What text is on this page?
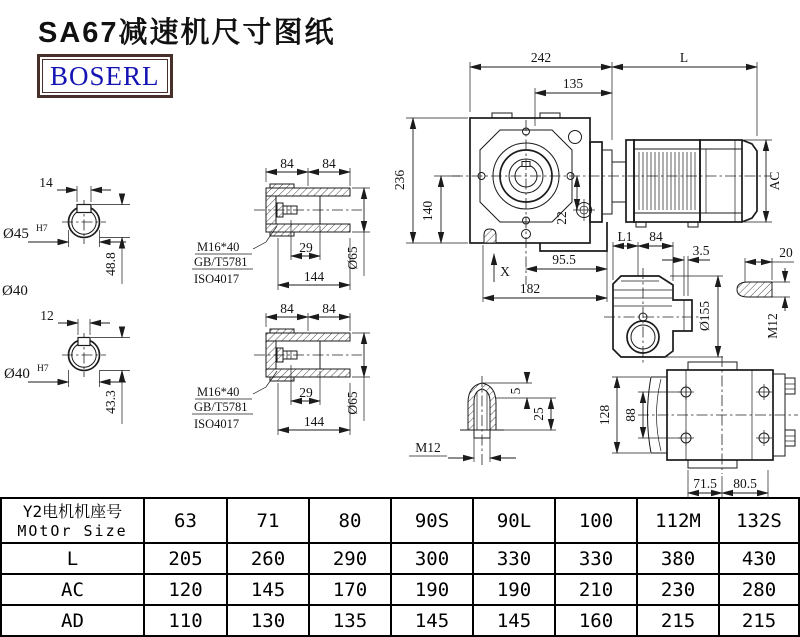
SA67减速机尺寸图纸
BOSERL
242	L
135
236
140
AC
22
X
95.5
182
L1 84
3.5
Ø155
20
M12
128 88
71.5 80.5
5
25
M12
14
Ø45 H7
48.8
Ø40
12
Ø40 H7
43.3
84 84
29
144
Ø65
M16*40
GB/T5781
ISO4017
84 84
29
144
Ø65
M16*40
GB/T5781
ISO4017
Y2电机机座号
MOtOr Size	63	71	80	90S	90L	100	112M	132S
L	205	260	290	300	330	330	380	430
AC	120	145	170	190	190	210	230	280
AD	110	130	135	145	145	160	215	215
